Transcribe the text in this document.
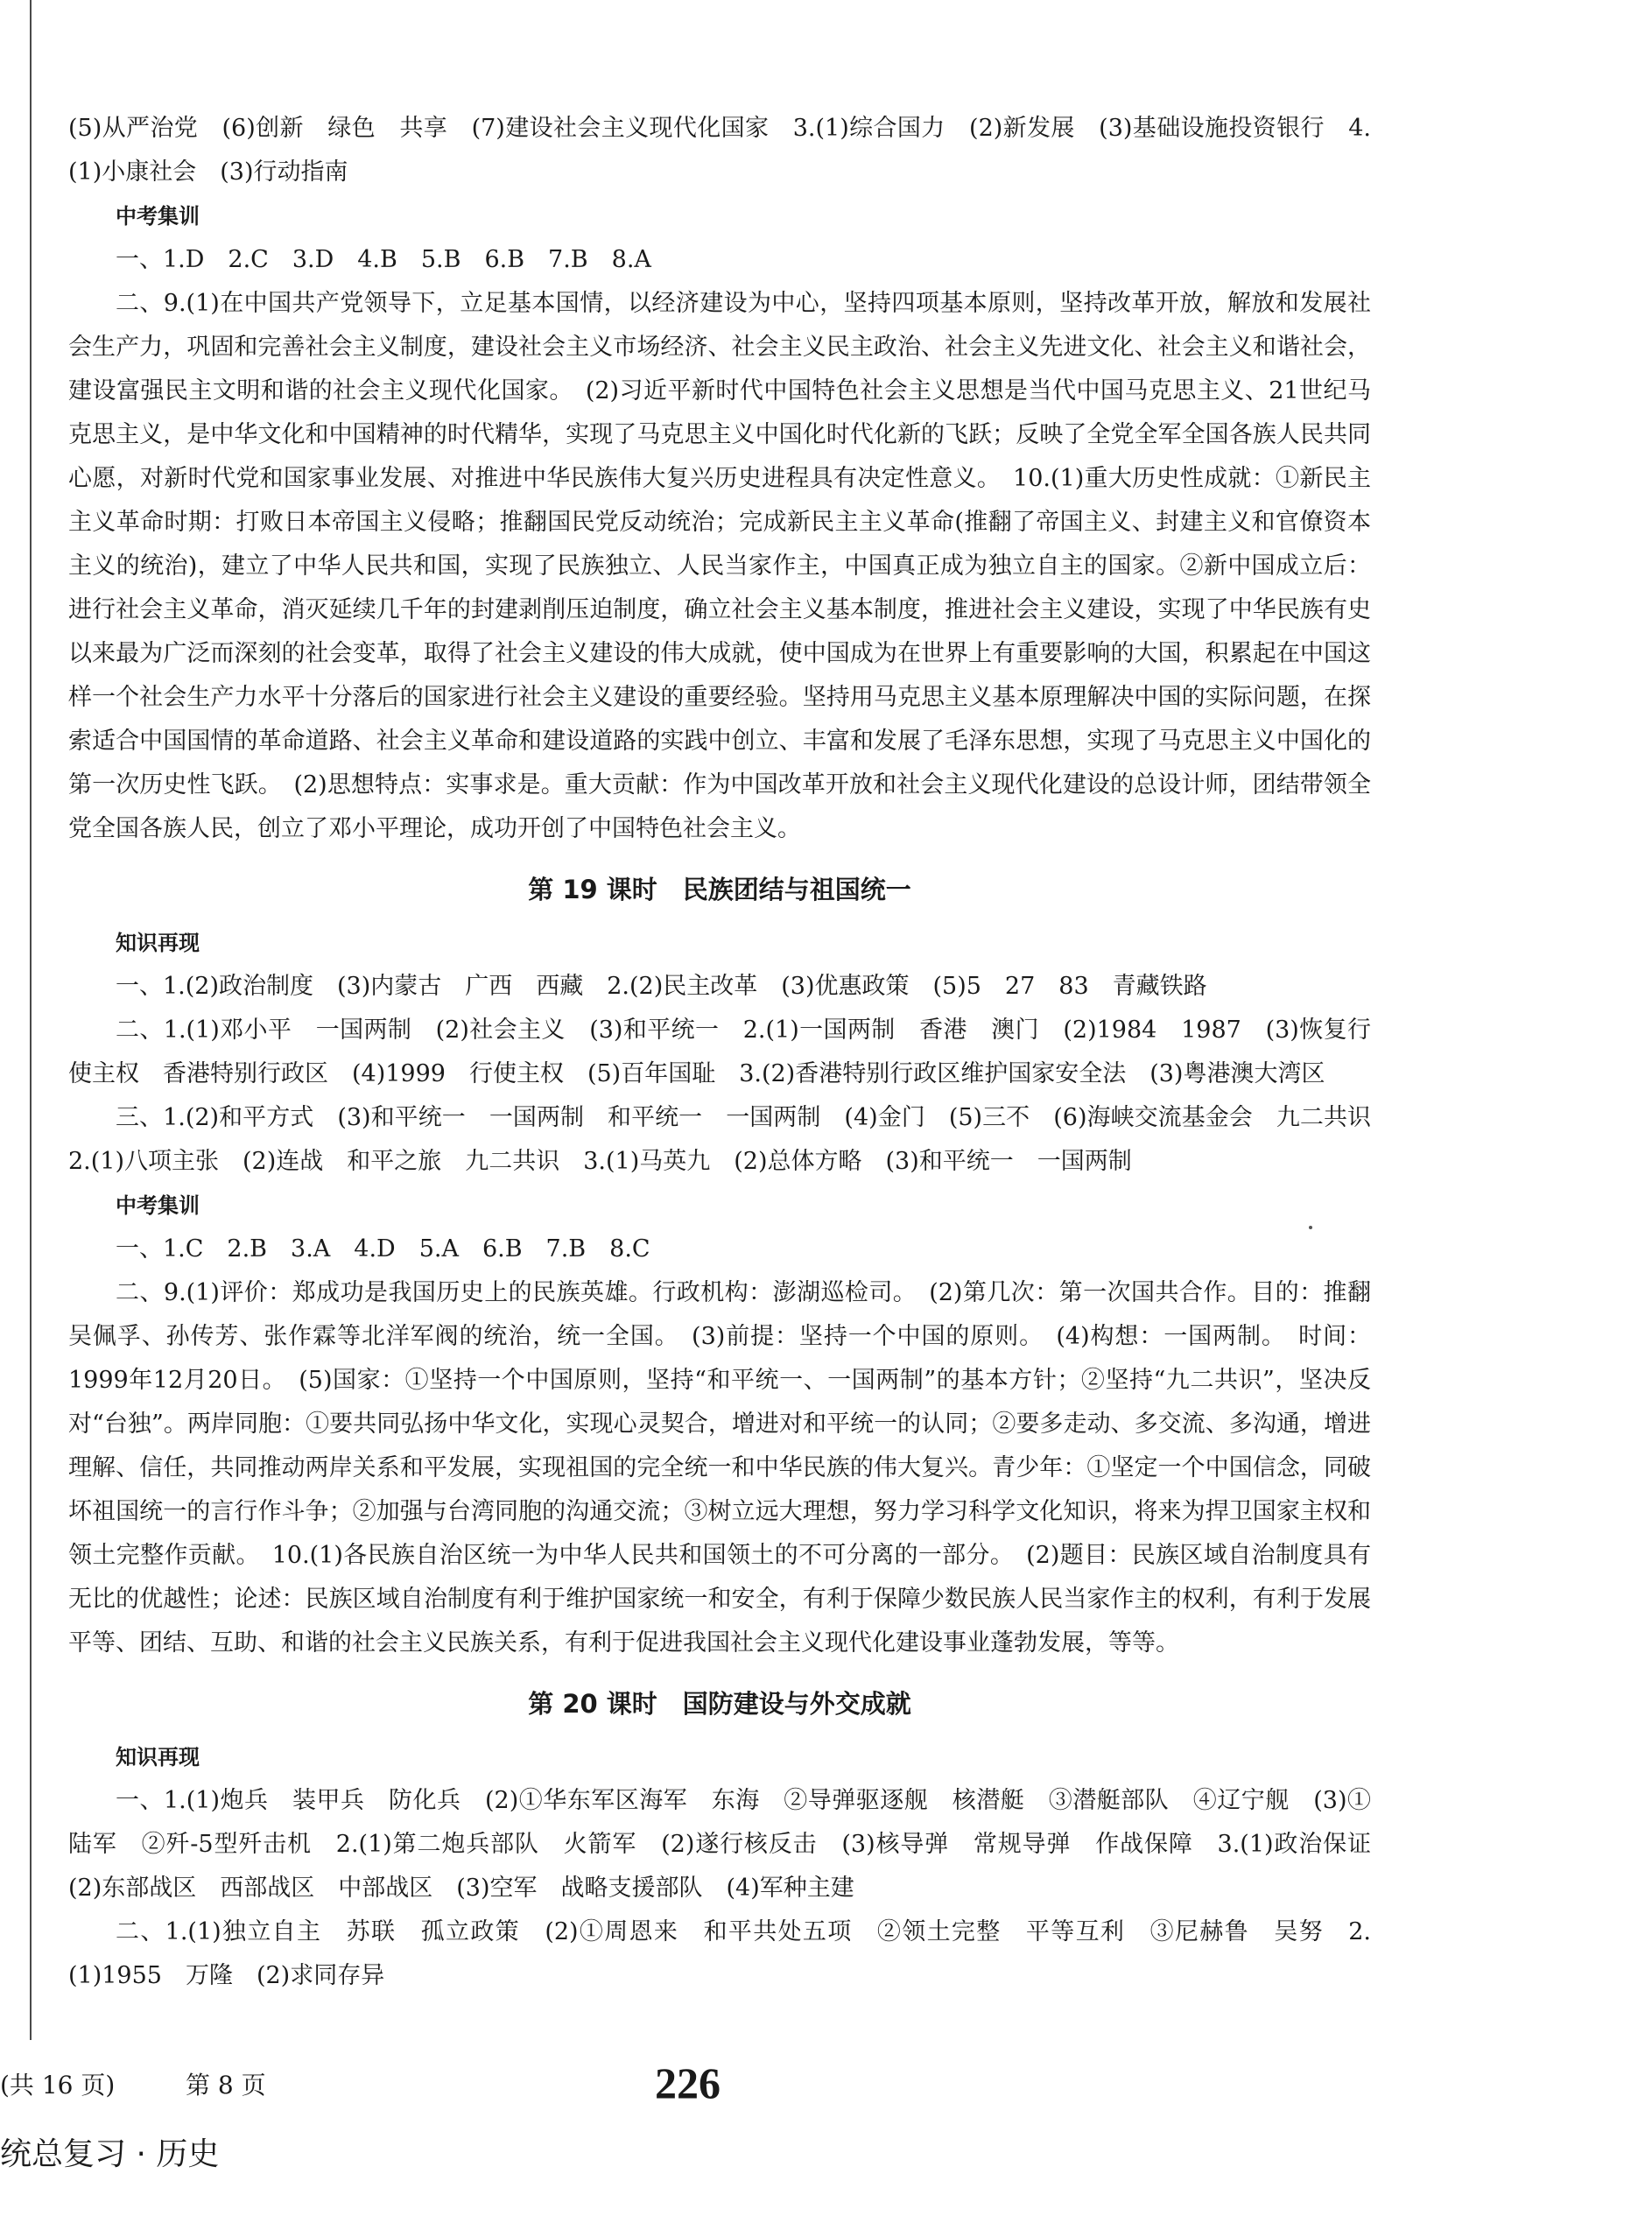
(5)从严治党　(6)创新　绿色　共享　(7)建设社会主义现代化国家　3.(1)综合国力　(2)新发展　(3)基础设施投资银行　4.(1)小康社会　(3)行动指南

中考集训

一、1.D　2.C　3.D　4.B　5.B　6.B　7.B　8.A

二、9.(1)在中国共产党领导下，立足基本国情，以经济建设为中心，坚持四项基本原则，坚持改革开放，解放和发展社会生产力，巩固和完善社会主义制度，建设社会主义市场经济、社会主义民主政治、社会主义先进文化、社会主义和谐社会，建设富强民主文明和谐的社会主义现代化国家。　(2)习近平新时代中国特色社会主义思想是当代中国马克思主义、21世纪马克思主义，是中华文化和中国精神的时代精华，实现了马克思主义中国化时代化新的飞跃；反映了全党全军全国各族人民共同心愿，对新时代党和国家事业发展、对推进中华民族伟大复兴历史进程具有决定性意义。　10.(1)重大历史性成就：①新民主主义革命时期：打败日本帝国主义侵略；推翻国民党反动统治；完成新民主主义革命(推翻了帝国主义、封建主义和官僚资本主义的统治)，建立了中华人民共和国，实现了民族独立、人民当家作主，中国真正成为独立自主的国家。②新中国成立后：进行社会主义革命，消灭延续几千年的封建剥削压迫制度，确立社会主义基本制度，推进社会主义建设，实现了中华民族有史以来最为广泛而深刻的社会变革，取得了社会主义建设的伟大成就，使中国成为在世界上有重要影响的大国，积累起在中国这样一个社会生产力水平十分落后的国家进行社会主义建设的重要经验。坚持用马克思主义基本原理解决中国的实际问题，在探索适合中国国情的革命道路、社会主义革命和建设道路的实践中创立、丰富和发展了毛泽东思想，实现了马克思主义中国化的第一次历史性飞跃。　(2)思想特点：实事求是。重大贡献：作为中国改革开放和社会主义现代化建设的总设计师，团结带领全党全国各族人民，创立了邓小平理论，成功开创了中国特色社会主义。

第 19 课时　民族团结与祖国统一

知识再现

一、1.(2)政治制度　(3)内蒙古　广西　西藏　2.(2)民主改革　(3)优惠政策　(5)5　27　83　青藏铁路

二、1.(1)邓小平　一国两制　(2)社会主义　(3)和平统一　2.(1)一国两制　香港　澳门　(2)1984　1987　(3)恢复行使主权　香港特别行政区　(4)1999　行使主权　(5)百年国耻　3.(2)香港特别行政区维护国家安全法　(3)粤港澳大湾区

三、1.(2)和平方式　(3)和平统一　一国两制　和平统一　一国两制　(4)金门　(5)三不　(6)海峡交流基金会　九二共识　2.(1)八项主张　(2)连战　和平之旅　九二共识　3.(1)马英九　(2)总体方略　(3)和平统一　一国两制

中考集训

一、1.C　2.B　3.A　4.D　5.A　6.B　7.B　8.C

二、9.(1)评价：郑成功是我国历史上的民族英雄。行政机构：澎湖巡检司。　(2)第几次：第一次国共合作。目的：推翻吴佩孚、孙传芳、张作霖等北洋军阀的统治，统一全国。　(3)前提：坚持一个中国的原则。　(4)构想：一国两制。　时间：1999年12月20日。　(5)国家：①坚持一个中国原则，坚持“和平统一、一国两制”的基本方针；②坚持“九二共识”，坚决反对“台独”。两岸同胞：①要共同弘扬中华文化，实现心灵契合，增进对和平统一的认同；②要多走动、多交流、多沟通，增进理解、信任，共同推动两岸关系和平发展，实现祖国的完全统一和中华民族的伟大复兴。青少年：①坚定一个中国信念，同破坏祖国统一的言行作斗争；②加强与台湾同胞的沟通交流；③树立远大理想，努力学习科学文化知识，将来为捍卫国家主权和领土完整作贡献。　10.(1)各民族自治区统一为中华人民共和国领土的不可分离的一部分。　(2)题目：民族区域自治制度具有无比的优越性；论述：民族区域自治制度有利于维护国家统一和安全，有利于保障少数民族人民当家作主的权利，有利于发展平等、团结、互助、和谐的社会主义民族关系，有利于促进我国社会主义现代化建设事业蓬勃发展，等等。

第 20 课时　国防建设与外交成就

知识再现

一、1.(1)炮兵　装甲兵　防化兵　(2)①华东军区海军　东海　②导弹驱逐舰　核潜艇　③潜艇部队　④辽宁舰　(3)①陆军　②歼-5型歼击机　2.(1)第二炮兵部队　火箭军　(2)遂行核反击　(3)核导弹　常规导弹　作战保障　3.(1)政治保证　(2)东部战区　西部战区　中部战区　(3)空军　战略支援部队　(4)军种主建

二、1.(1)独立自主　苏联　孤立政策　(2)①周恩来　和平共处五项　②领土完整　平等互利　③尼赫鲁　吴努　2.(1)1955　万隆　(2)求同存异

(共 16 页)	第 8 页	226
统总复习 · 历史
